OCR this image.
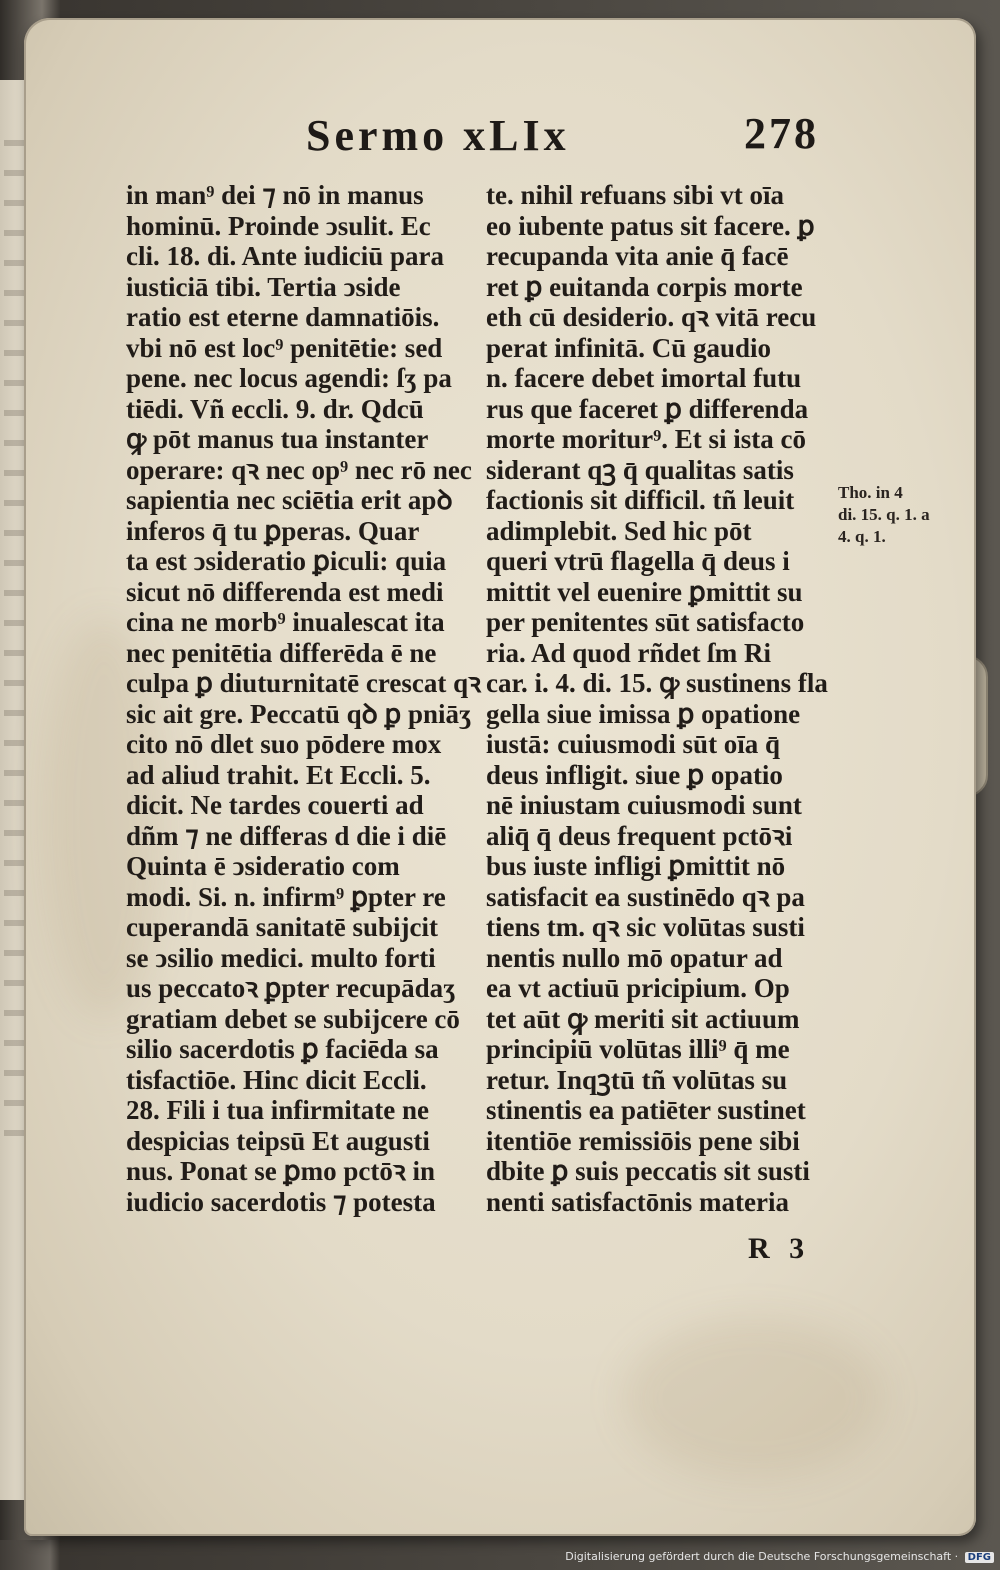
Sermo xLIx	278
in man⁹ dei ⁊ nō in manus
hominū. Proinde ↄsulit. Ec
cli. 18. di. Ante iudiciū para
iusticiā tibi. Tertia ↄside
ratio est eterne damnatiōis.
vbi nō est loc⁹ penitētie: sed
pene. nec locus agendi: ſʒ pa
tiēdi. Vñ eccli. 9. dr. Qdcū
ꝙ pōt manus tua instanter
operare: qꝛ nec op⁹ nec rō nec
sapientia nec sciētia erit apꝺ
inferos q̄ tu ꝑperas. Quar
ta est ↄsideratio ꝑiculi: quia
sicut nō differenda est medi
cina ne morb⁹ inualescat ita
nec penitētia differēda ē ne
culpa ꝑ diuturnitatē crescat qꝛ
sic ait gre. Peccatū qꝺ ꝑ pniāʒ
cito nō dlet suo pōdere mox
ad aliud trahit. Et Eccli. 5.
dicit. Ne tardes couerti ad
dñm ⁊ ne differas d die i diē
Quinta ē ↄsideratio com
modi. Si. n. infirm⁹ ꝑpter re
cuperandā sanitatē subijcit
se ↄsilio medici. multo forti
us peccatoꝛ ꝑpter recupādaʒ
gratiam debet se subijcere cō
silio sacerdotis ꝑ faciēda sa
tisfactiōe. Hinc dicit Eccli.
28. Fili i tua infirmitate ne
despicias teipsū Et augusti
nus. Ponat se ꝑmo pctōꝛ in
iudicio sacerdotis ⁊ potesta
te. nihil refuans sibi vt oīa
eo iubente patus sit facere. ꝑ
recupanda vita anie q̄ facē
ret ꝑ euitanda corpis morte
eth cū desiderio. qꝛ vitā recu
perat infinitā. Cū gaudio
n. facere debet imortal futu
rus que faceret ꝑ differenda
morte moritur⁹. Et si ista cō
siderant qꝫ q̄ qualitas satis
factionis sit difficil. tñ leuit
adimplebit. Sed hic pōt
queri vtrū flagella q̄ deus i
mittit vel euenire ꝑmittit su
per penitentes sūt satisfacto
ria. Ad quod rñdet ſm Ri
car. i. 4. di. 15. ꝙ sustinens fla
gella siue imissa ꝑ opatione
iustā: cuiusmodi sūt oīa q̄
deus infligit. siue ꝑ opatio
nē iniustam cuiusmodi sunt
aliq̄ q̄ deus frequent pctōꝛi
bus iuste infligi ꝑmittit nō
satisfacit ea sustinēdo qꝛ pa
tiens tm. qꝛ sic volūtas susti
nentis nullo mō opatur ad
ea vt actiuū pricipium. Op
tet aūt ꝙ meriti sit actiuum
principiū volūtas illi⁹ q̄ me
retur. Inqꝫtū tñ volūtas su
stinentis ea patiēter sustinet
itentiōe remissiōis pene sibi
dbite ꝑ suis peccatis sit susti
nenti satisfactōnis materia
Tho. in 4
di. 15. q. 1. a
4. q. 1.
R 3
Digitalisierung gefördert durch die Deutsche Forschungsgemeinschaft · DFG
